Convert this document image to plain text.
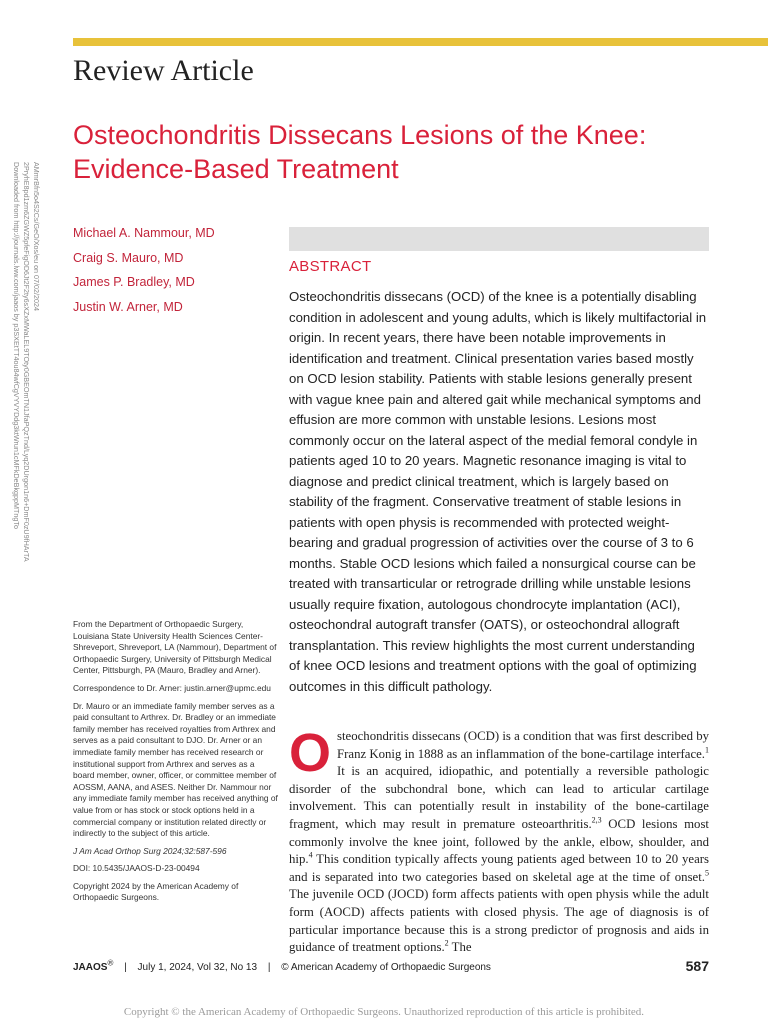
Review Article
Osteochondritis Dissecans Lesions of the Knee:
Evidence-Based Treatment
Downloaded from http://journals.lww.com/jaaos by p3SXEtTT4ou84wfCgVYVYDdg3ktWrun1cMFkDeBkgppMTngTo 2PryhE8pd1zm6ZGWZ5pfeFigOD6Jt2F2ty6sXZxMWaLEL9TOty0GBEOmTN1JfaPQzTnd/Lyq2DUrgon1n6+DmF0zU9fHArTA AMmrBfn5o4S2Cs/GeO/Xos/eu on 07/02/2024	Michael A. Nammour, MD
Craig S. Mauro, MD
James P. Bradley, MD
Justin W. Arner, MD
ABSTRACT

Osteochondritis dissecans (OCD) of the knee is a potentially disabling condition in adolescent and young adults, which is likely multifactorial in origin. In recent years, there have been notable improvements in identification and treatment. Clinical presentation varies based mostly on OCD lesion stability. Patients with stable lesions generally present with vague knee pain and altered gait while mechanical symptoms and effusion are more common with unstable lesions. Lesions most commonly occur on the lateral aspect of the medial femoral condyle in patients aged 10 to 20 years. Magnetic resonance imaging is vital to diagnose and predict clinical treatment, which is largely based on stability of the fragment. Conservative treatment of stable lesions in patients with open physis is recommended with protected weight-bearing and gradual progression of activities over the course of 3 to 6 months. Stable OCD lesions which failed a nonsurgical course can be treated with transarticular or retrograde drilling while unstable lesions usually require fixation, autologous chondrocyte implantation (ACI), osteochondral autograft transfer (OATS), or osteochondral allograft transplantation. This review highlights the most current understanding of knee OCD lesions and treatment options with the goal of optimizing outcomes in this difficult pathology.

From the Department of Orthopaedic Surgery, Louisiana State University Health Sciences Center- Shreveport, Shreveport, LA (Nammour), Department of Orthopaedic Surgery, University of Pittsburgh Medical Center, Pittsburgh, PA (Mauro, Bradley and Arner).

Correspondence to Dr. Arner: justin.arner@upmc.edu

Dr. Mauro or an immediate family member serves as a paid consultant to Arthrex. Dr. Bradley or an immediate family member has received royalties from Arthrex and serves as a paid consultant to DJO. Dr. Arner or an immediate family member has received research or institutional support from Arthrex and serves as a board member, owner, officer, or committee member of AOSSM, AANA, and ASES. Neither Dr. Nammour nor any immediate family member has received anything of value from or has stock or stock options held in a commercial company or institution related directly or indirectly to the subject of this article.

J Am Acad Orthop Surg 2024;32:587-596

DOI: 10.5435/JAAOS-D-23-00494

Copyright 2024 by the American Academy of Orthopaedic Surgeons.

Osteochondritis dissecans (OCD) is a condition that was first described by Franz Konig in 1888 as an inflammation of the bone-cartilage interface.$^1$ It is an acquired, idiopathic, and potentially a reversible pathologic disorder of the subchondral bone, which can lead to articular cartilage involvement. This can potentially result in instability of the bone-cartilage fragment, which may result in premature osteoarthritis.$^{2,3}$ OCD lesions most commonly involve the knee joint, followed by the ankle, elbow, shoulder, and hip.$^4$ This condition typically affects young patients aged between 10 to 20 years and is separated into two categories based on skeletal age at the time of onset.$^5$ The juvenile OCD (JOCD) form affects patients with open physis while the adult form (AOCD) affects patients with closed physis. The age of diagnosis is of particular importance because this is a strong predictor of prognosis and aids in guidance of treatment options.$^2$ The

JAAOS® | July 1, 2024, Vol 32, No 13 | © American Academy of Orthopaedic Surgeons	587
Copyright © the American Academy of Orthopaedic Surgeons. Unauthorized reproduction of this article is prohibited.
